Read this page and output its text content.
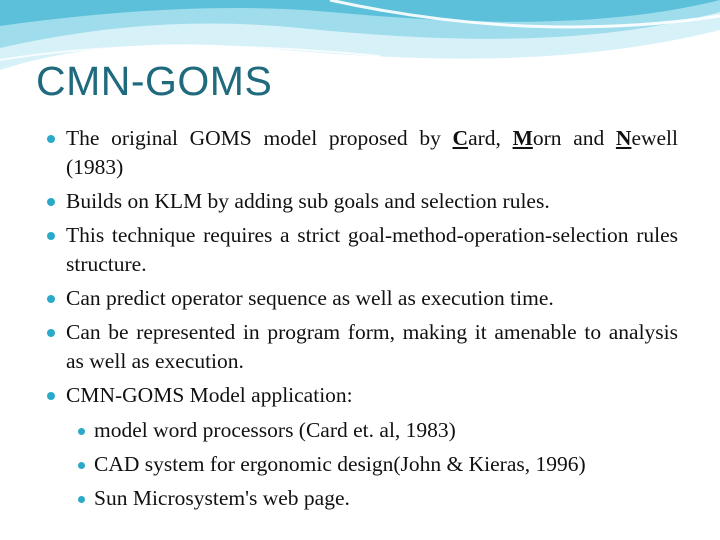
CMN-GOMS
The original GOMS model proposed by Card, Morn and Newell (1983)
Builds on KLM by adding sub goals and selection rules.
This technique requires a strict goal-method-operation-selection rules structure.
Can predict operator sequence as well as execution time.
Can be represented in program form, making it amenable to analysis as well as execution.
CMN-GOMS Model application:
model word processors (Card et. al, 1983)
CAD system for ergonomic design(John & Kieras, 1996)
Sun Microsystem's web page.
